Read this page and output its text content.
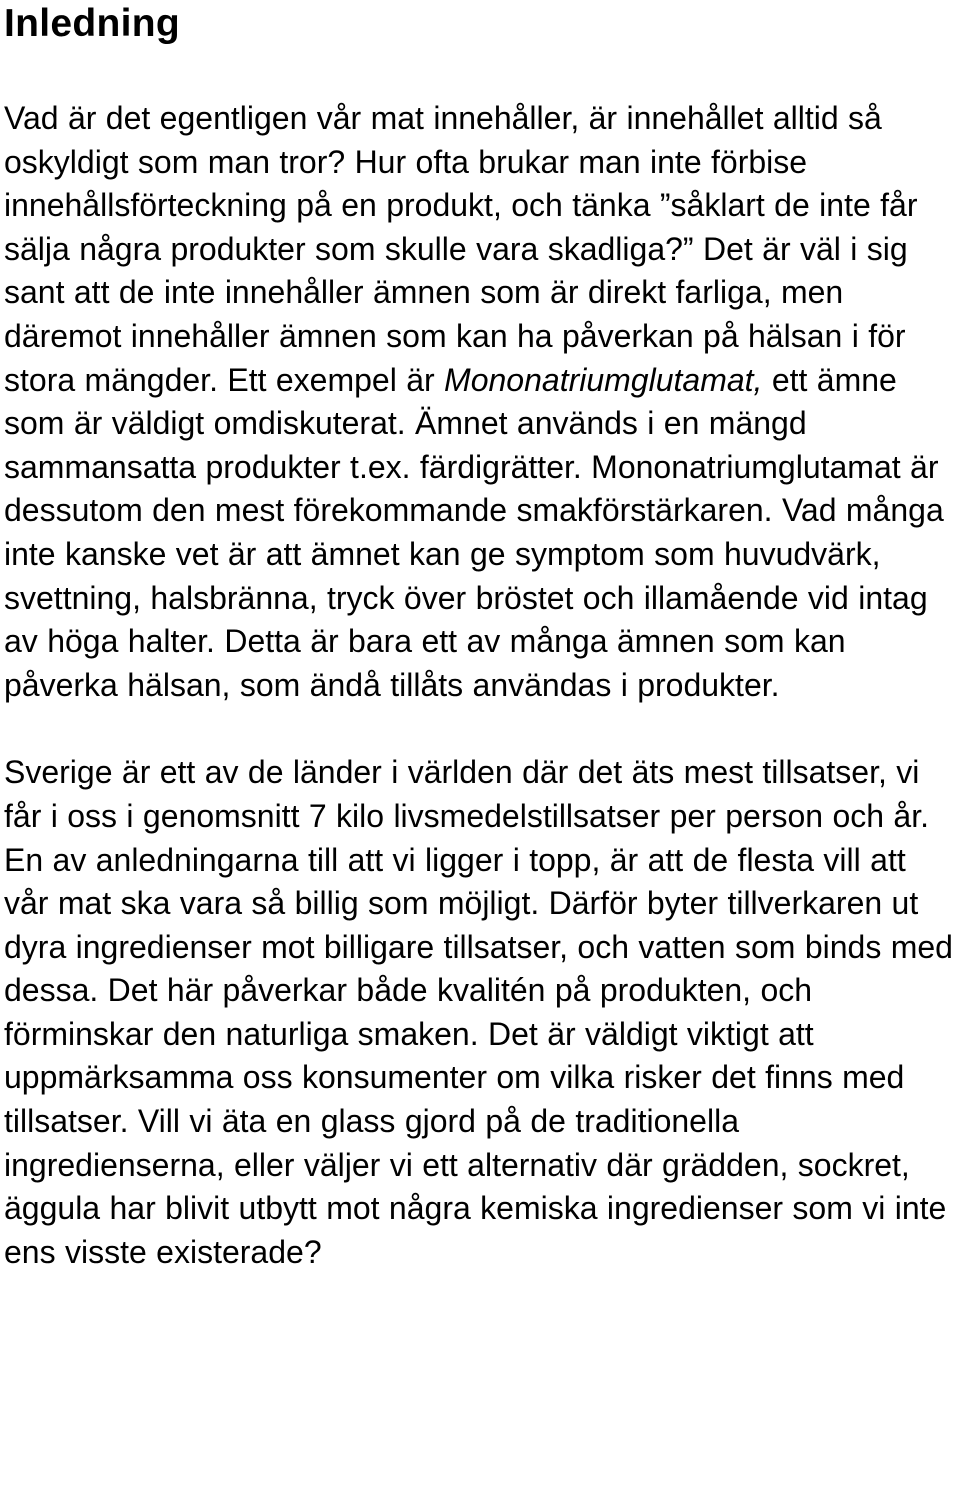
Inledning

Vad är det egentligen vår mat innehåller, är innehållet alltid så oskyldigt som man tror? Hur ofta brukar man inte förbise innehållsförteckning på en produkt, och tänka ”såklart de inte får sälja några produkter som skulle vara skadliga?” Det är väl i sig sant att de inte innehåller ämnen som är direkt farliga, men däremot innehåller ämnen som kan ha påverkan på hälsan i för stora mängder. Ett exempel är Mononatriumglutamat, ett ämne som är väldigt omdiskuterat. Ämnet används i en mängd sammansatta produkter t.ex. färdigrätter. Mononatriumglutamat är dessutom den mest förekommande smakförstärkaren. Vad många inte kanske vet är att ämnet kan ge symptom som huvudvärk, svettning, halsbränna, tryck över bröstet och illamående vid intag av höga halter. Detta är bara ett av många ämnen som kan påverka hälsan, som ändå tillåts användas i produkter.

Sverige är ett av de länder i världen där det äts mest tillsatser, vi får i oss i genomsnitt 7 kilo livsmedelstillsatser per person och år. En av anledningarna till att vi ligger i topp, är att de flesta vill att vår mat ska vara så billig som möjligt. Därför byter tillverkaren ut dyra ingredienser mot billigare tillsatser, och vatten som binds med dessa. Det här påverkar både kvalitén på produkten, och förminskar den naturliga smaken. Det är väldigt viktigt att uppmärksamma oss konsumenter om vilka risker det finns med tillsatser. Vill vi äta en glass gjord på de traditionella ingredienserna, eller väljer vi ett alternativ där grädden, sockret, äggula har blivit utbytt mot några kemiska ingredienser som vi inte ens visste existerade?
